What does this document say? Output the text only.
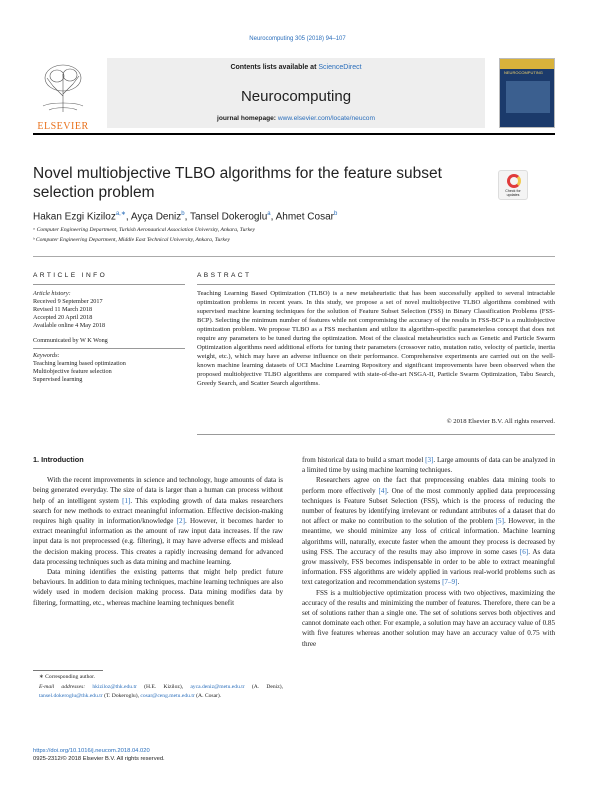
Neurocomputing 305 (2018) 94–107
ELSEVIER
Contents lists available at ScienceDirect
Neurocomputing
journal homepage: www.elsevier.com/locate/neucom
NEUROCOMPUTING
Novel multiobjective TLBO algorithms for the feature subset selection problem	Check for updates
Hakan Ezgi Kiziloz$^{a,∗}$, Ayça Deniz$^b$, Tansel Dokeroglu$^a$, Ahmet Cosar$^b$
ᵃ Computer Engineering Department, Turkish Aeronautical Association University, Ankara, Turkey
ᵇ Computer Engineering Department, Middle East Technical University, Ankara, Turkey
ARTICLE INFO
Article history:
Received 9 September 2017
Revised 11 March 2018
Accepted 20 April 2018
Available online 4 May 2018
Communicated by W K Wong
Keywords:
Teaching learning based optimization
Multiobjective feature selection
Supervised learning
ABSTRACT
Teaching Learning Based Optimization (TLBO) is a new metaheuristic that has been successfully applied to several intractable optimization problems in recent years. In this study, we propose a set of novel multiobjective TLBO algorithms combined with supervised machine learning techniques for the solution of Feature Subset Selection (FSS) in Binary Classification Problems (FSS-BCP). Selecting the minimum number of features while not compromising the accuracy of the results in FSS-BCP is a multiobjective optimization problem. We propose TLBO as a FSS mechanism and utilize its algorithm-specific parameterless concept that does not require any parameters to be tuned during the optimization. Most of the classical metaheuristics such as Genetic and Particle Swarm Optimization algorithms need additional efforts for tuning their parameters (crossover ratio, mutation ratio, velocity of particle, inertia weight, etc.), which may have an adverse influence on their performance. Comprehensive experiments are carried out on the well-known machine learning datasets of UCI Machine Learning Repository and significant improvements have been observed when the proposed multiobjective TLBO algorithms are compared with state-of-the-art NSGA-II, Particle Swarm Optimization, Tabu Search, Greedy Search, and Scatter Search algorithms.
© 2018 Elsevier B.V. All rights reserved.
1. Introduction

With the recent improvements in science and technology, huge amounts of data is being generated everyday. The size of data is larger than a human can process without help of an intelligent system [1]. This exploding growth of data makes researchers search for new methods to extract meaningful information. Effective decision-making requires high quality in information/knowledge [2]. However, it becomes harder to extract meaningful information as the amount of raw input data increases. If the raw input data is not preprocessed (e.g. filtering), it may have adverse effects and mislead the decision making process. This creates a rapidly increasing demand for advanced data processing techniques such as data mining and machine learning.

Data mining identifies the existing patterns that might help predict future behaviours. In addition to data mining techniques, machine learning techniques are also widely used in modern decision making process. Data mining modifies data by filtering, formatting, etc., whereas machine learning techniques benefit

from historical data to build a smart model [3]. Large amounts of data can be analyzed in a limited time by using machine learning techniques.

Researchers agree on the fact that preprocessing enables data mining tools to perform more effectively [4]. One of the most commonly applied data preprocessing techniques is Feature Subset Selection (FSS), which is the process of reducing the number of features by identifying irrelevant or redundant attributes of a dataset that do not affect or make no contribution to the solution of the problem [5]. However, in the meantime, we should minimize any loss of critical information. Machine learning algorithms will, naturally, execute faster when the amount they process is decreased by using FSS. The accuracy of the results may also improve in some cases [6]. As data grow massively, FSS becomes indispensable in order to be able to extract meaningful information. FSS algorithms are widely applied in various real-world problems such as text categorization and recommendation systems [7–9].

FSS is a multiobjective optimization process with two objectives, maximizing the accuracy of the results and minimizing the number of features. Therefore, there can be a set of solutions rather than a single one. The set of solutions serves both objectives and cannot dominate each other. For example, a solution may have an accuracy value of 0.85 with five features whereas another solution may have an accuracy value of 0.75 with three

∗ Corresponding author.
E-mail addresses: hkiziloz@thk.edu.tr (H.E. Kiziloz), ayca.deniz@metu.edu.tr (A. Deniz), tansel.dokeroglu@thk.edu.tr (T. Dokeroglu), cosar@ceng.metu.edu.tr (A. Cosar).
https://doi.org/10.1016/j.neucom.2018.04.020
0925-2312/© 2018 Elsevier B.V. All rights reserved.
